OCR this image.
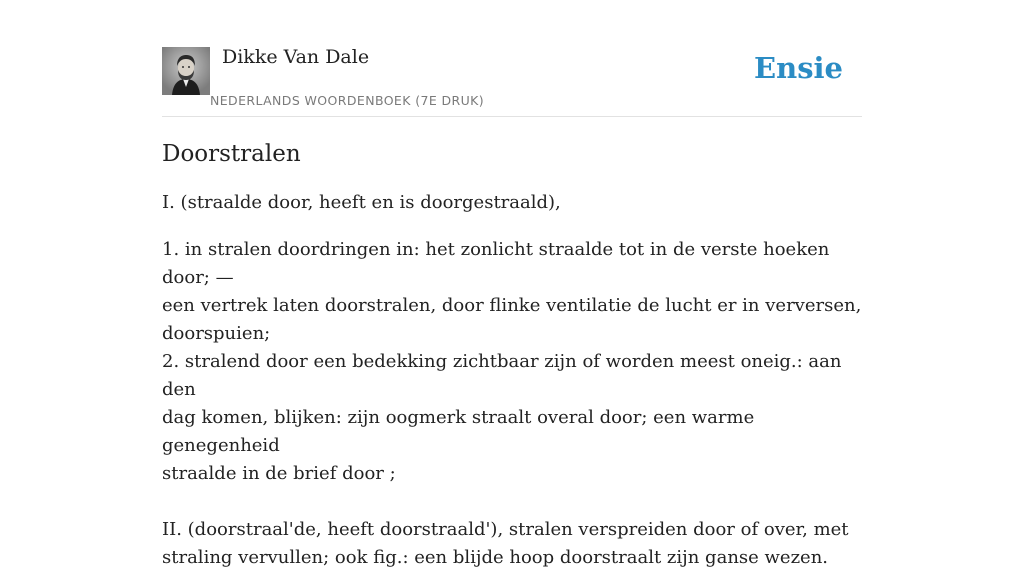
Dikke Van Dale
NEDERLANDS WOORDENBOEK (7E DRUK)
Ensie
Doorstralen

I. (straalde door, heeft en is doorgestraald),

1. in stralen doordringen in: het zonlicht straalde tot in de verste hoeken door; —
een vertrek laten doorstralen, door flinke ventilatie de lucht er in verversen,
doorspuien;
2. stralend door een bedekking zichtbaar zijn of worden meest oneig.: aan den
dag komen, blijken: zijn oogmerk straalt overal door; een warme genegenheid
straalde in de brief door ;

II. (doorstraal'de, heeft doorstraald'), stralen verspreiden door of over, met
straling vervullen; ook fig.: een blijde hoop doorstraalt zijn ganse wezen.
